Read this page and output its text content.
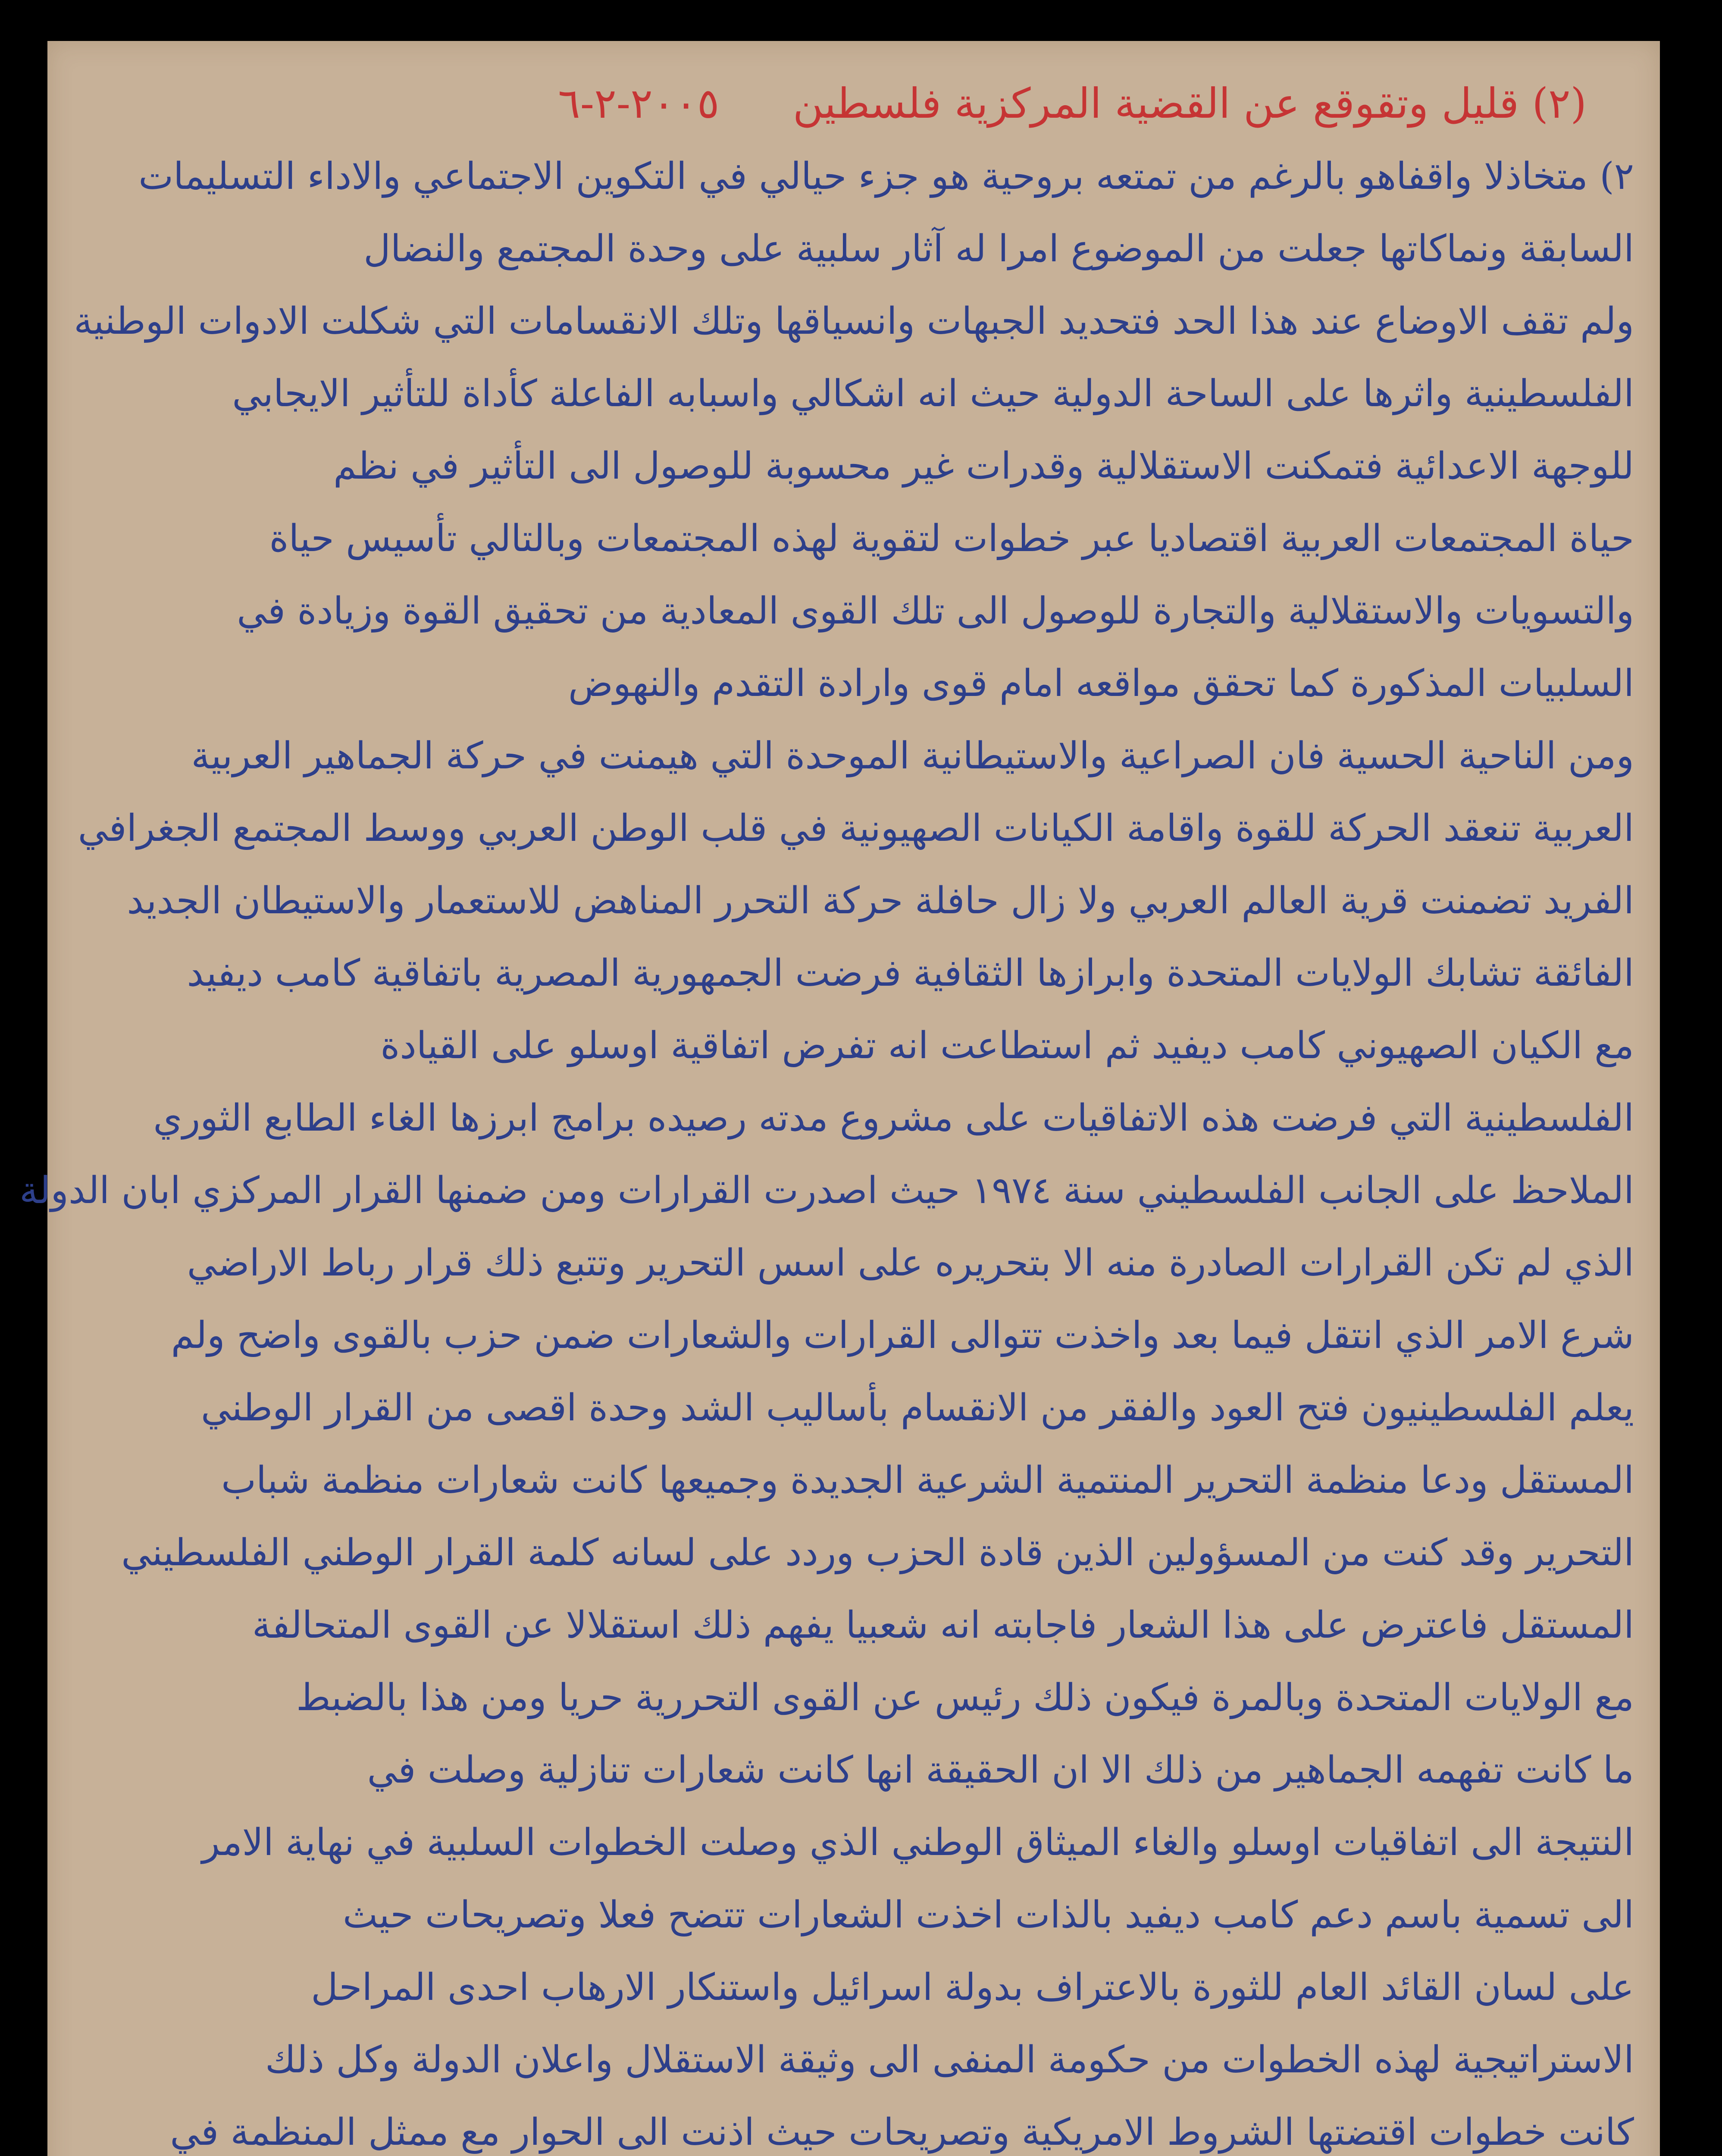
(٢) قليل وتقوقع عن القضية المركزية فلسطين ٢٠٠٥-٢-٦
٢) متخاذلا واقفاهو بالرغم من تمتعه بروحية هو جزء حيالي في التكوين الاجتماعي والاداء التسليمات
السابقة ونماكاتها جعلت من الموضوع امرا له آثار سلبية على وحدة المجتمع والنضال
ولم تقف الاوضاع عند هذا الحد فتحديد الجبهات وانسياقها وتلك الانقسامات التي شكلت الادوات الوطنية
الفلسطينية واثرها على الساحة الدولية حيث انه اشكالي واسبابه الفاعلة كأداة للتأثير الايجابي
للوجهة الاعدائية فتمكنت الاستقلالية وقدرات غير محسوبة للوصول الى التأثير في نظم
حياة المجتمعات العربية اقتصاديا عبر خطوات لتقوية لهذه المجتمعات وبالتالي تأسيس حياة
والتسويات والاستقلالية والتجارة للوصول الى تلك القوى المعادية من تحقيق القوة وزيادة في
السلبيات المذكورة كما تحقق مواقعه امام قوى وارادة التقدم والنهوض
ومن الناحية الحسية فان الصراعية والاستيطانية الموحدة التي هيمنت في حركة الجماهير العربية
العربية تنعقد الحركة للقوة واقامة الكيانات الصهيونية في قلب الوطن العربي ووسط المجتمع الجغرافي
الفريد تضمنت قرية العالم العربي ولا زال حافلة حركة التحرر المناهض للاستعمار والاستيطان الجديد
الفائقة تشابك الولايات المتحدة وابرازها الثقافية فرضت الجمهورية المصرية باتفاقية كامب ديفيد
مع الكيان الصهيوني كامب ديفيد ثم استطاعت انه تفرض اتفاقية اوسلو على القيادة
الفلسطينية التي فرضت هذه الاتفاقيات على مشروع مدته رصيده برامج ابرزها الغاء الطابع الثوري
الملاحظ على الجانب الفلسطيني سنة ١٩٧٤ حيث اصدرت القرارات ومن ضمنها القرار المركزي ابان الدولة
الذي لم تكن القرارات الصادرة منه الا بتحريره على اسس التحرير وتتبع ذلك قرار رباط الاراضي
شرع الامر الذي انتقل فيما بعد واخذت تتوالى القرارات والشعارات ضمن حزب بالقوى واضح ولم
يعلم الفلسطينيون فتح العود والفقر من الانقسام بأساليب الشد وحدة اقصى من القرار الوطني
المستقل ودعا منظمة التحرير المنتمية الشرعية الجديدة وجميعها كانت شعارات منظمة شباب
التحرير وقد كنت من المسؤولين الذين قادة الحزب وردد على لسانه كلمة القرار الوطني الفلسطيني
المستقل فاعترض على هذا الشعار فاجابته انه شعبيا يفهم ذلك استقلالا عن القوى المتحالفة
مع الولايات المتحدة وبالمرة فيكون ذلك رئيس عن القوى التحررية حريا ومن هذا بالضبط
ما كانت تفهمه الجماهير من ذلك الا ان الحقيقة انها كانت شعارات تنازلية وصلت في
النتيجة الى اتفاقيات اوسلو والغاء الميثاق الوطني الذي وصلت الخطوات السلبية في نهاية الامر
الى تسمية باسم دعم كامب ديفيد بالذات اخذت الشعارات تتضح فعلا وتصريحات حيث
على لسان القائد العام للثورة بالاعتراف بدولة اسرائيل واستنكار الارهاب احدى المراحل
الاستراتيجية لهذه الخطوات من حكومة المنفى الى وثيقة الاستقلال واعلان الدولة وكل ذلك
كانت خطوات اقتضتها الشروط الامريكية وتصريحات حيث اذنت الى الحوار مع ممثل المنظمة في
